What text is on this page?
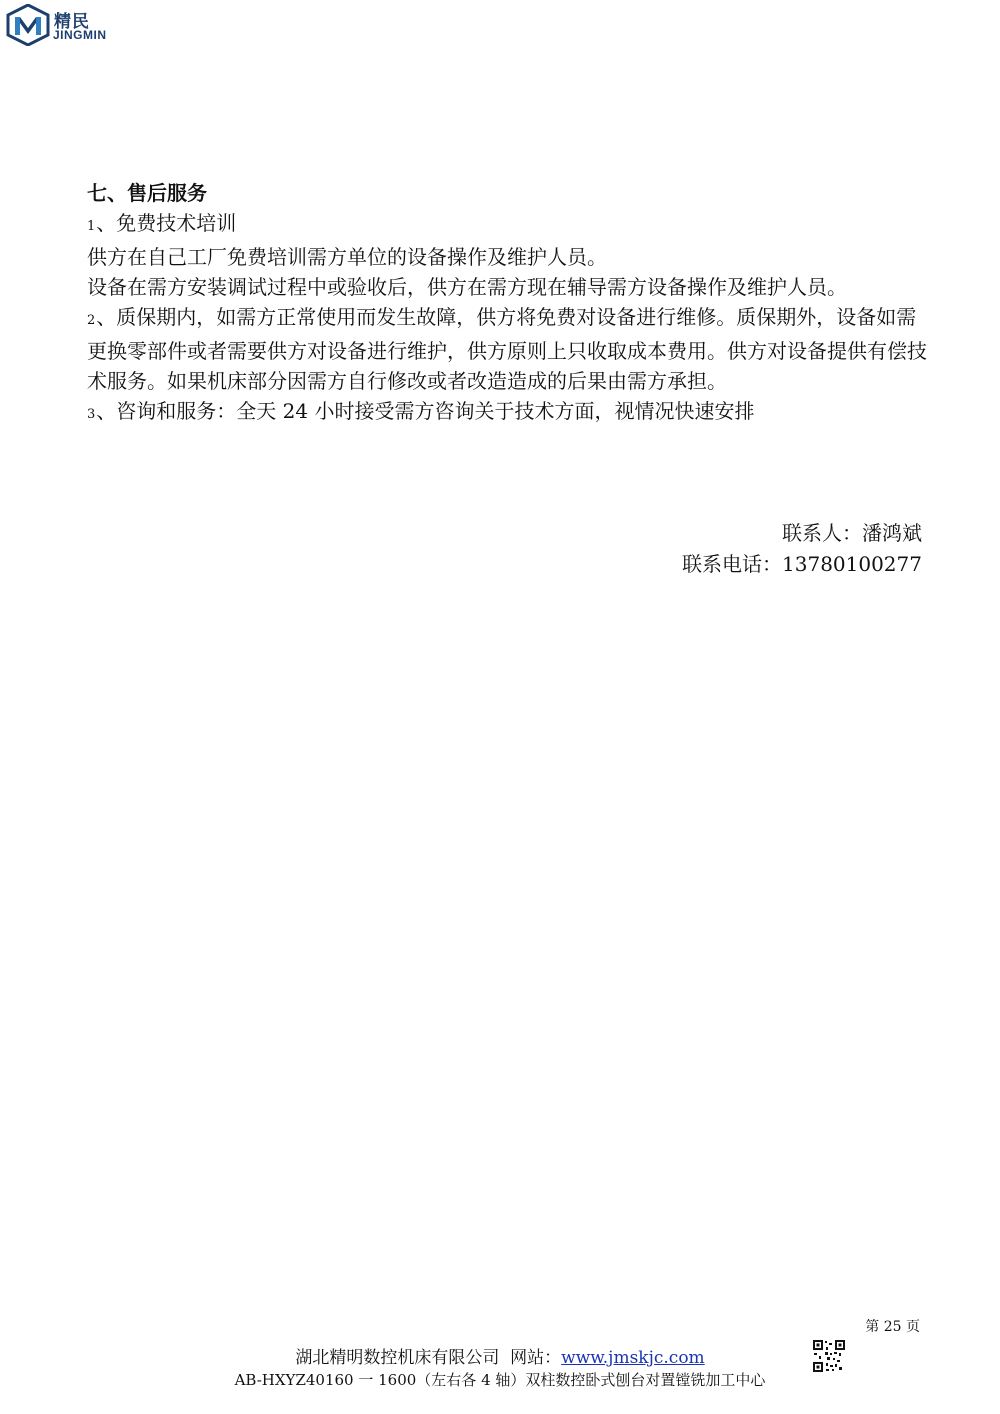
精民
JINGMIN

七、售后服务

1、免费技术培训

供方在自己工厂免费培训需方单位的设备操作及维护人员。

设备在需方安装调试过程中或验收后，供方在需方现在辅导需方设备操作及维护人员。

2、质保期内，如需方正常使用而发生故障，供方将免费对设备进行维修。质保期外，设备如需更换零部件或者需要供方对设备进行维护，供方原则上只收取成本费用。供方对设备提供有偿技术服务。如果机床部分因需方自行修改或者改造造成的后果由需方承担。

3、咨询和服务：全天 24 小时接受需方咨询关于技术方面，视情况快速安排

联系人：潘鸿斌

联系电话：13780100277

第 25 页
湖北精明数控机床有限公司 网站：www.jmskjc.com
AB-HXYZ40160 一 1600（左右各 4 轴）双柱数控卧式刨台对置镗铣加工中心
